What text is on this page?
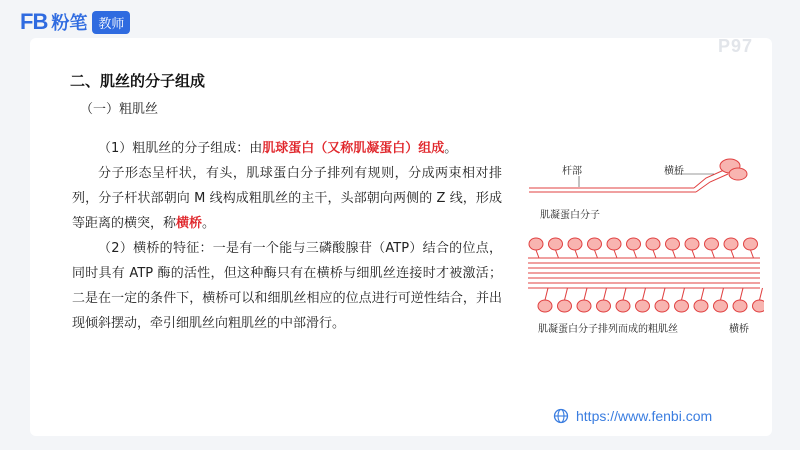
FB 粉笔 教师
P97
二、肌丝的分子组成
（一）粗肌丝

（1）粗肌丝的分子组成：由肌球蛋白（又称肌凝蛋白）组成。

分子形态呈杆状，有头，肌球蛋白分子排列有规则，分成两束相对排列，分子杆状部朝向 M 线构成粗肌丝的主干，头部朝向两侧的 Z 线，形成等距离的横突，称横桥。

（2）横桥的特征：一是有一个能与三磷酸腺苷（ATP）结合的位点，同时具有 ATP 酶的活性，但这种酶只有在横桥与细肌丝连接时才被激活；二是在一定的条件下，横桥可以和细肌丝相应的位点进行可逆性结合，并出现倾斜摆动，牵引细肌丝向粗肌丝的中部滑行。

杆部	横桥
肌凝蛋白分子
肌凝蛋白分子排列而成的粗肌丝	横桥
https://www.fenbi.com
